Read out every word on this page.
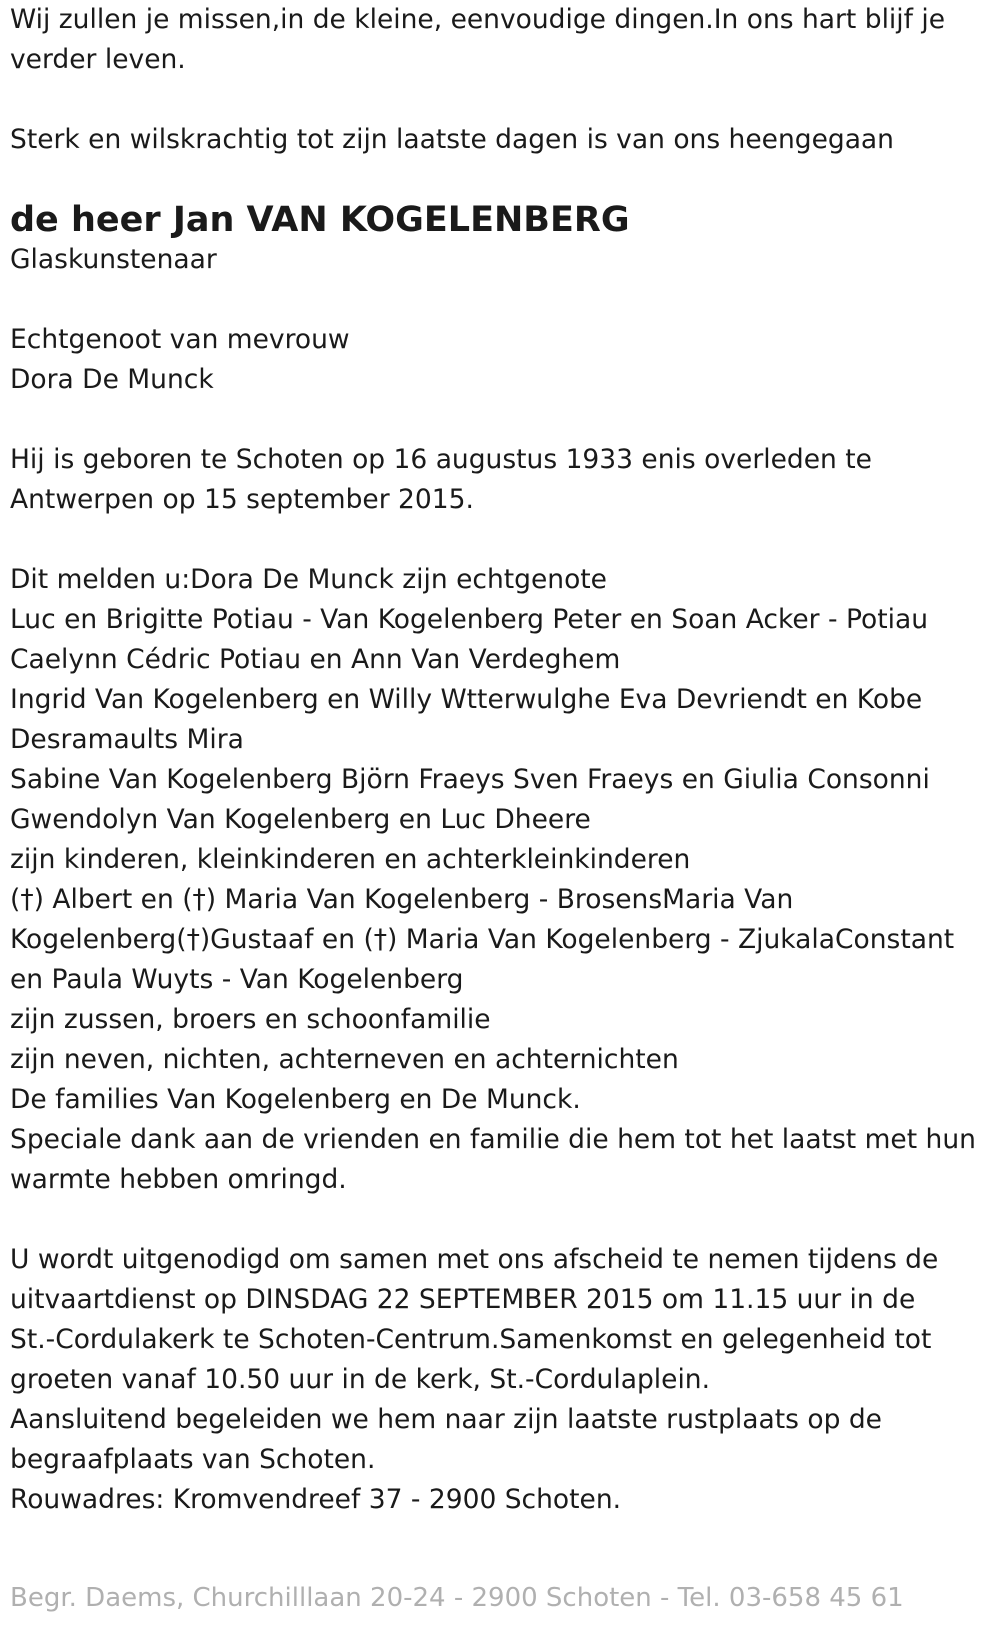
Wij zullen je missen,in de kleine, eenvoudige dingen.In ons hart blijf je
verder leven.
Sterk en wilskrachtig tot zijn laatste dagen is van ons heengegaan
de heer Jan VAN KOGELENBERG
Glaskunstenaar
Echtgenoot van mevrouw
Dora De Munck
Hij is geboren te Schoten op 16 augustus 1933 enis overleden te
Antwerpen op 15 september 2015.
Dit melden u:Dora De Munck zijn echtgenote
Luc en Brigitte Potiau - Van Kogelenberg Peter en Soan Acker - Potiau
Caelynn Cédric Potiau en Ann Van Verdeghem
Ingrid Van Kogelenberg en Willy Wtterwulghe Eva Devriendt en Kobe
Desramaults Mira
Sabine Van Kogelenberg Björn Fraeys Sven Fraeys en Giulia Consonni
Gwendolyn Van Kogelenberg en Luc Dheere
zijn kinderen, kleinkinderen en achterkleinkinderen
(†) Albert en (†) Maria Van Kogelenberg - BrosensMaria Van
Kogelenberg(†)Gustaaf en (†) Maria Van Kogelenberg - ZjukalaConstant
en Paula Wuyts - Van Kogelenberg
zijn zussen, broers en schoonfamilie
zijn neven, nichten, achterneven en achternichten
De families Van Kogelenberg en De Munck.
Speciale dank aan de vrienden en familie die hem tot het laatst met hun
warmte hebben omringd.
U wordt uitgenodigd om samen met ons afscheid te nemen tijdens de
uitvaartdienst op DINSDAG 22 SEPTEMBER 2015 om 11.15 uur in de
St.-Cordulakerk te Schoten-Centrum.Samenkomst en gelegenheid tot
groeten vanaf 10.50 uur in de kerk, St.-Cordulaplein.
Aansluitend begeleiden we hem naar zijn laatste rustplaats op de
begraafplaats van Schoten.
Rouwadres: Kromvendreef 37 - 2900 Schoten.
Begr. Daems, Churchilllaan 20-24 - 2900 Schoten - Tel. 03-658 45 61
